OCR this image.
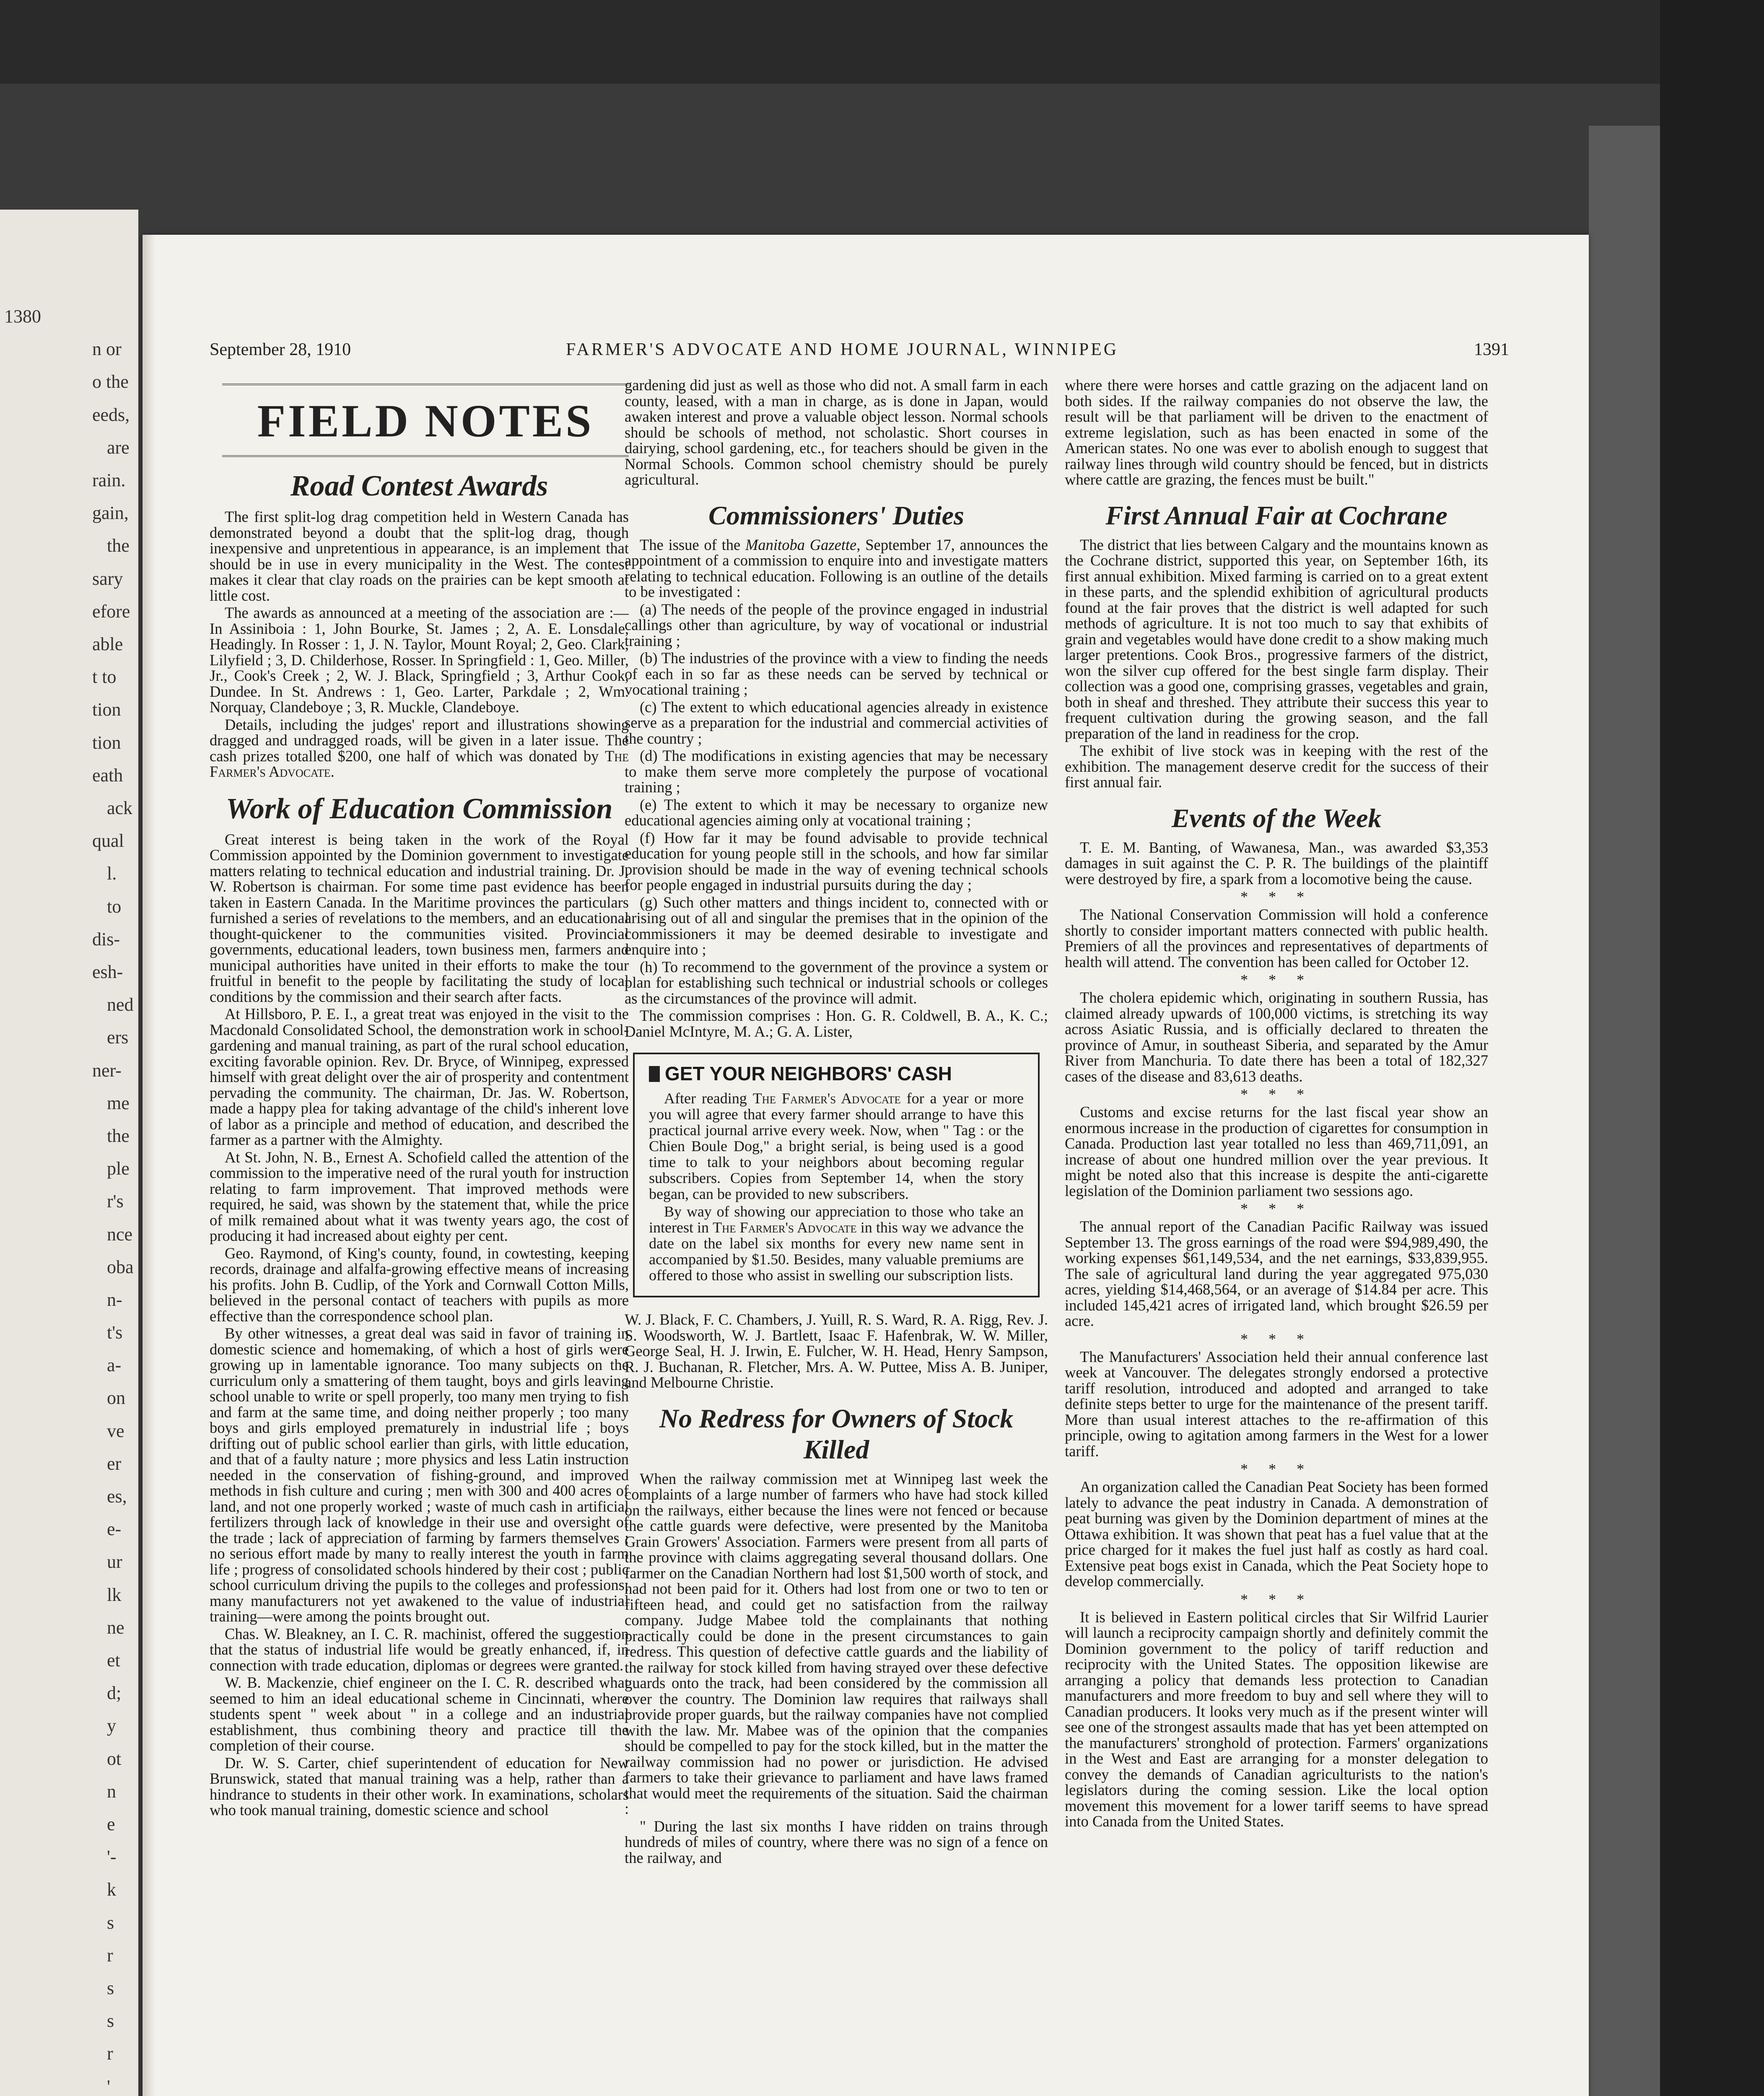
1380
n or
o the
eeds,
are
rain.
gain,
the
sary
efore
able
t to
tion
tion
eath
ack
qual
l.
to
dis-
esh-
ned
ers
ner-
me
the
ple
r's
nce
oba
n-
t's
a-
on
ve
er
es,
e-
ur
lk
ne
et
d;
y
ot
n
e
'-
k
s
r
s
s
r
'
September 28, 1910	FARMER'S ADVOCATE AND HOME JOURNAL, WINNIPEG	1391
FIELD NOTES
Road Contest Awards

The first split-log drag competition held in Western Canada has demonstrated beyond a doubt that the split-log drag, though inexpensive and unpretentious in appearance, is an implement that should be in use in every municipality in the West. The contest makes it clear that clay roads on the prairies can be kept smooth at little cost.

The awards as announced at a meeting of the association are :—In Assiniboia : 1, John Bourke, St. James ; 2, A. E. Lonsdale, Headingly. In Rosser : 1, J. N. Taylor, Mount Royal; 2, Geo. Clark, Lilyfield ; 3, D. Childerhose, Rosser. In Springfield : 1, Geo. Miller, Jr., Cook's Creek ; 2, W. J. Black, Springfield ; 3, Arthur Cook, Dundee. In St. Andrews : 1, Geo. Larter, Parkdale ; 2, Wm. Norquay, Clandeboye ; 3, R. Muckle, Clandeboye.

Details, including the judges' report and illustrations showing dragged and undragged roads, will be given in a later issue. The cash prizes totalled $200, one half of which was donated by The Farmer's Advocate.

Work of Education Commission

Great interest is being taken in the work of the Royal Commission appointed by the Dominion government to investigate matters relating to technical education and industrial training. Dr. J. W. Robertson is chairman. For some time past evidence has been taken in Eastern Canada. In the Maritime provinces the particulars furnished a series of revelations to the members, and an educational thought-quickener to the communities visited. Provincial governments, educational leaders, town business men, farmers and municipal authorities have united in their efforts to make the tour fruitful in benefit to the people by facilitating the study of local conditions by the commission and their search after facts.

At Hillsboro, P. E. I., a great treat was enjoyed in the visit to the Macdonald Consolidated School, the demonstration work in school-gardening and manual training, as part of the rural school education, exciting favorable opinion. Rev. Dr. Bryce, of Winnipeg, expressed himself with great delight over the air of prosperity and contentment pervading the community. The chairman, Dr. Jas. W. Robertson, made a happy plea for taking advantage of the child's inherent love of labor as a principle and method of education, and described the farmer as a partner with the Almighty.

At St. John, N. B., Ernest A. Schofield called the attention of the commission to the imperative need of the rural youth for instruction relating to farm improvement. That improved methods were required, he said, was shown by the statement that, while the price of milk remained about what it was twenty years ago, the cost of producing it had increased about eighty per cent.

Geo. Raymond, of King's county, found, in cowtesting, keeping records, drainage and alfalfa-growing effective means of increasing his profits. John B. Cudlip, of the York and Cornwall Cotton Mills, believed in the personal contact of teachers with pupils as more effective than the correspondence school plan.

By other witnesses, a great deal was said in favor of training in domestic science and homemaking, of which a host of girls were growing up in lamentable ignorance. Too many subjects on the curriculum only a smattering of them taught, boys and girls leaving school unable to write or spell properly, too many men trying to fish and farm at the same time, and doing neither properly ; too many boys and girls employed prematurely in industrial life ; boys drifting out of public school earlier than girls, with little education, and that of a faulty nature ; more physics and less Latin instruction needed in the conservation of fishing-ground, and improved methods in fish culture and curing ; men with 300 and 400 acres of land, and not one properly worked ; waste of much cash in artificial fertilizers through lack of knowledge in their use and oversight of the trade ; lack of appreciation of farming by farmers themselves ; no serious effort made by many to really interest the youth in farm life ; progress of consolidated schools hindered by their cost ; public school curriculum driving the pupils to the colleges and professions; many manufacturers not yet awakened to the value of industrial training—were among the points brought out.

Chas. W. Bleakney, an I. C. R. machinist, offered the suggestion that the status of industrial life would be greatly enhanced, if, in connection with trade education, diplomas or degrees were granted.

W. B. Mackenzie, chief engineer on the I. C. R. described what seemed to him an ideal educational scheme in Cincinnati, where students spent " week about " in a college and an industrial establishment, thus combining theory and practice till the completion of their course.

Dr. W. S. Carter, chief superintendent of education for New Brunswick, stated that manual training was a help, rather than a hindrance to students in their other work. In examinations, scholars who took manual training, domestic science and school

gardening did just as well as those who did not. A small farm in each county, leased, with a man in charge, as is done in Japan, would awaken interest and prove a valuable object lesson. Normal schools should be schools of method, not scholastic. Short courses in dairying, school gardening, etc., for teachers should be given in the Normal Schools. Common school chemistry should be purely agricultural.

Commissioners' Duties

The issue of the Manitoba Gazette, September 17, announces the appointment of a commission to enquire into and investigate matters relating to technical education. Following is an outline of the details to be investigated :

(a) The needs of the people of the province engaged in industrial callings other than agriculture, by way of vocational or industrial training ;

(b) The industries of the province with a view to finding the needs of each in so far as these needs can be served by technical or vocational training ;

(c) The extent to which educational agencies already in existence serve as a preparation for the industrial and commercial activities of the country ;

(d) The modifications in existing agencies that may be necessary to make them serve more completely the purpose of vocational training ;

(e) The extent to which it may be necessary to organize new educational agencies aiming only at vocational training ;

(f) How far it may be found advisable to provide technical education for young people still in the schools, and how far similar provision should be made in the way of evening technical schools for people engaged in industrial pursuits during the day ;

(g) Such other matters and things incident to, connected with or arising out of all and singular the premises that in the opinion of the commissioners it may be deemed desirable to investigate and enquire into ;

(h) To recommend to the government of the province a system or plan for establishing such technical or industrial schools or colleges as the circumstances of the province will admit.

The commission comprises : Hon. G. R. Coldwell, B. A., K. C.; Daniel McIntyre, M. A.; G. A. Lister,

GET YOUR NEIGHBORS' CASH

After reading The Farmer's Advocate for a year or more you will agree that every farmer should arrange to have this practical journal arrive every week. Now, when " Tag : or the Chien Boule Dog," a bright serial, is being used is a good time to talk to your neighbors about becoming regular subscribers. Copies from September 14, when the story began, can be provided to new subscribers.

By way of showing our appreciation to those who take an interest in The Farmer's Advocate in this way we advance the date on the label six months for every new name sent in accompanied by $1.50. Besides, many valuable premiums are offered to those who assist in swelling our subscription lists.

W. J. Black, F. C. Chambers, J. Yuill, R. S. Ward, R. A. Rigg, Rev. J. S. Woodsworth, W. J. Bartlett, Isaac F. Hafenbrak, W. W. Miller, George Seal, H. J. Irwin, E. Fulcher, W. H. Head, Henry Sampson, R. J. Buchanan, R. Fletcher, Mrs. A. W. Puttee, Miss A. B. Juniper, and Melbourne Christie.

No Redress for Owners of Stock Killed

When the railway commission met at Winnipeg last week the complaints of a large number of farmers who have had stock killed on the railways, either because the lines were not fenced or because the cattle guards were defective, were presented by the Manitoba Grain Growers' Association. Farmers were present from all parts of the province with claims aggregating several thousand dollars. One farmer on the Canadian Northern had lost $1,500 worth of stock, and had not been paid for it. Others had lost from one or two to ten or fifteen head, and could get no satisfaction from the railway company. Judge Mabee told the complainants that nothing practically could be done in the present circumstances to gain redress. This question of defective cattle guards and the liability of the railway for stock killed from having strayed over these defective guards onto the track, had been considered by the commission all over the country. The Dominion law requires that railways shall provide proper guards, but the railway companies have not complied with the law. Mr. Mabee was of the opinion that the companies should be compelled to pay for the stock killed, but in the matter the railway commission had no power or jurisdiction. He advised farmers to take their grievance to parliament and have laws framed that would meet the requirements of the situation. Said the chairman :

" During the last six months I have ridden on trains through hundreds of miles of country, where there was no sign of a fence on the railway, and

where there were horses and cattle grazing on the adjacent land on both sides. If the railway companies do not observe the law, the result will be that parliament will be driven to the enactment of extreme legislation, such as has been enacted in some of the American states. No one was ever to abolish enough to suggest that railway lines through wild country should be fenced, but in districts where cattle are grazing, the fences must be built."

First Annual Fair at Cochrane

The district that lies between Calgary and the mountains known as the Cochrane district, supported this year, on September 16th, its first annual exhibition. Mixed farming is carried on to a great extent in these parts, and the splendid exhibition of agricultural products found at the fair proves that the district is well adapted for such methods of agriculture. It is not too much to say that exhibits of grain and vegetables would have done credit to a show making much larger pretentions. Cook Bros., progressive farmers of the district, won the silver cup offered for the best single farm display. Their collection was a good one, comprising grasses, vegetables and grain, both in sheaf and threshed. They attribute their success this year to frequent cultivation during the growing season, and the fall preparation of the land in readiness for the crop.

The exhibit of live stock was in keeping with the rest of the exhibition. The management deserve credit for the success of their first annual fair.

Events of the Week

T. E. M. Banting, of Wawanesa, Man., was awarded $3,353 damages in suit against the C. P. R. The buildings of the plaintiff were destroyed by fire, a spark from a locomotive being the cause.

* * *

The National Conservation Commission will hold a conference shortly to consider important matters connected with public health. Premiers of all the provinces and representatives of departments of health will attend. The convention has been called for October 12.

* * *

The cholera epidemic which, originating in southern Russia, has claimed already upwards of 100,000 victims, is stretching its way across Asiatic Russia, and is officially declared to threaten the province of Amur, in southeast Siberia, and separated by the Amur River from Manchuria. To date there has been a total of 182,327 cases of the disease and 83,613 deaths.

* * *

Customs and excise returns for the last fiscal year show an enormous increase in the production of cigarettes for consumption in Canada. Production last year totalled no less than 469,711,091, an increase of about one hundred million over the year previous. It might be noted also that this increase is despite the anti-cigarette legislation of the Dominion parliament two sessions ago.

* * *

The annual report of the Canadian Pacific Railway was issued September 13. The gross earnings of the road were $94,989,490, the working expenses $61,149,534, and the net earnings, $33,839,955. The sale of agricultural land during the year aggregated 975,030 acres, yielding $14,468,564, or an average of $14.84 per acre. This included 145,421 acres of irrigated land, which brought $26.59 per acre.

* * *

The Manufacturers' Association held their annual conference last week at Vancouver. The delegates strongly endorsed a protective tariff resolution, introduced and adopted and arranged to take definite steps better to urge for the maintenance of the present tariff. More than usual interest attaches to the re-affirmation of this principle, owing to agitation among farmers in the West for a lower tariff.

* * *

An organization called the Canadian Peat Society has been formed lately to advance the peat industry in Canada. A demonstration of peat burning was given by the Dominion department of mines at the Ottawa exhibition. It was shown that peat has a fuel value that at the price charged for it makes the fuel just half as costly as hard coal. Extensive peat bogs exist in Canada, which the Peat Society hope to develop commercially.

* * *

It is believed in Eastern political circles that Sir Wilfrid Laurier will launch a reciprocity campaign shortly and definitely commit the Dominion government to the policy of tariff reduction and reciprocity with the United States. The opposition likewise are arranging a policy that demands less protection to Canadian manufacturers and more freedom to buy and sell where they will to Canadian producers. It looks very much as if the present winter will see one of the strongest assaults made that has yet been attempted on the manufacturers' stronghold of protection. Farmers' organizations in the West and East are arranging for a monster delegation to convey the demands of Canadian agriculturists to the nation's legislators during the coming session. Like the local option movement this movement for a lower tariff seems to have spread into Canada from the United States.
